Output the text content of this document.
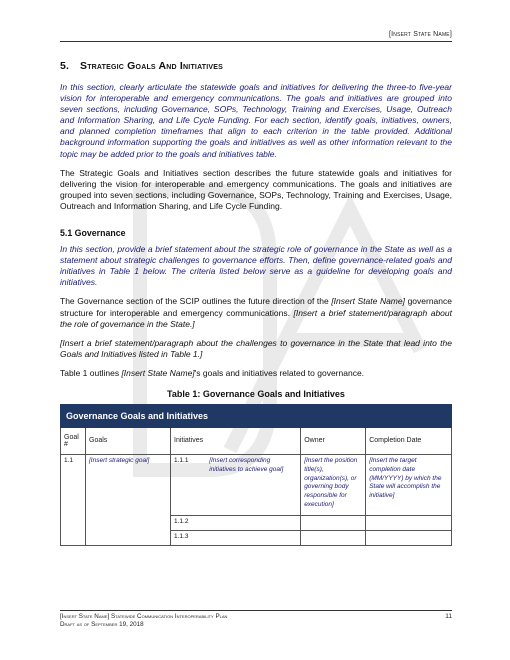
[Insert State Name]
5. Strategic Goals And Initiatives

In this section, clearly articulate the statewide goals and initiatives for delivering the three-to five-year vision for interoperable and emergency communications. The goals and initiatives are grouped into seven sections, including Governance, SOPs, Technology, Training and Exercises, Usage, Outreach and Information Sharing, and Life Cycle Funding. For each section, identify goals, initiatives, owners, and planned completion timeframes that align to each criterion in the table provided. Additional background information supporting the goals and initiatives as well as other information relevant to the topic may be added prior to the goals and initiatives table.

The Strategic Goals and Initiatives section describes the future statewide goals and initiatives for delivering the vision for interoperable and emergency communications. The goals and initiatives are grouped into seven sections, including Governance, SOPs, Technology, Training and Exercises, Usage, Outreach and Information Sharing, and Life Cycle Funding.

5.1 Governance

In this section, provide a brief statement about the strategic role of governance in the State as well as a statement about strategic challenges to governance efforts. Then, define governance-related goals and initiatives in Table 1 below. The criteria listed below serve as a guideline for developing goals and initiatives.

The Governance section of the SCIP outlines the future direction of the [Insert State Name] governance structure for interoperable and emergency communications. [Insert a brief statement/paragraph about the role of governance in the State.]

[Insert a brief statement/paragraph about the challenges to governance in the State that lead into the Goals and Initiatives listed in Table 1.]

Table 1 outlines [Insert State Name]'s goals and initiatives related to governance.

Table 1: Governance Goals and Initiatives
Governance Goals and Initiatives					
Goal #	Goals	Initiatives		Owner	Completion Date
1.1	[Insert strategic goal]	1.1.1	[Insert corresponding initiatives to achieve goal]	[Insert the position title(s), organization(s), or governing body responsible for execution]	[Insert the target completion date (MM/YYYY) by which the State will accomplish the initiative]
		1.1.2			
		1.1.3			
[Insert State Name] Statewide Communication Interoperability Plan
Draft as of September 19, 2018
11
